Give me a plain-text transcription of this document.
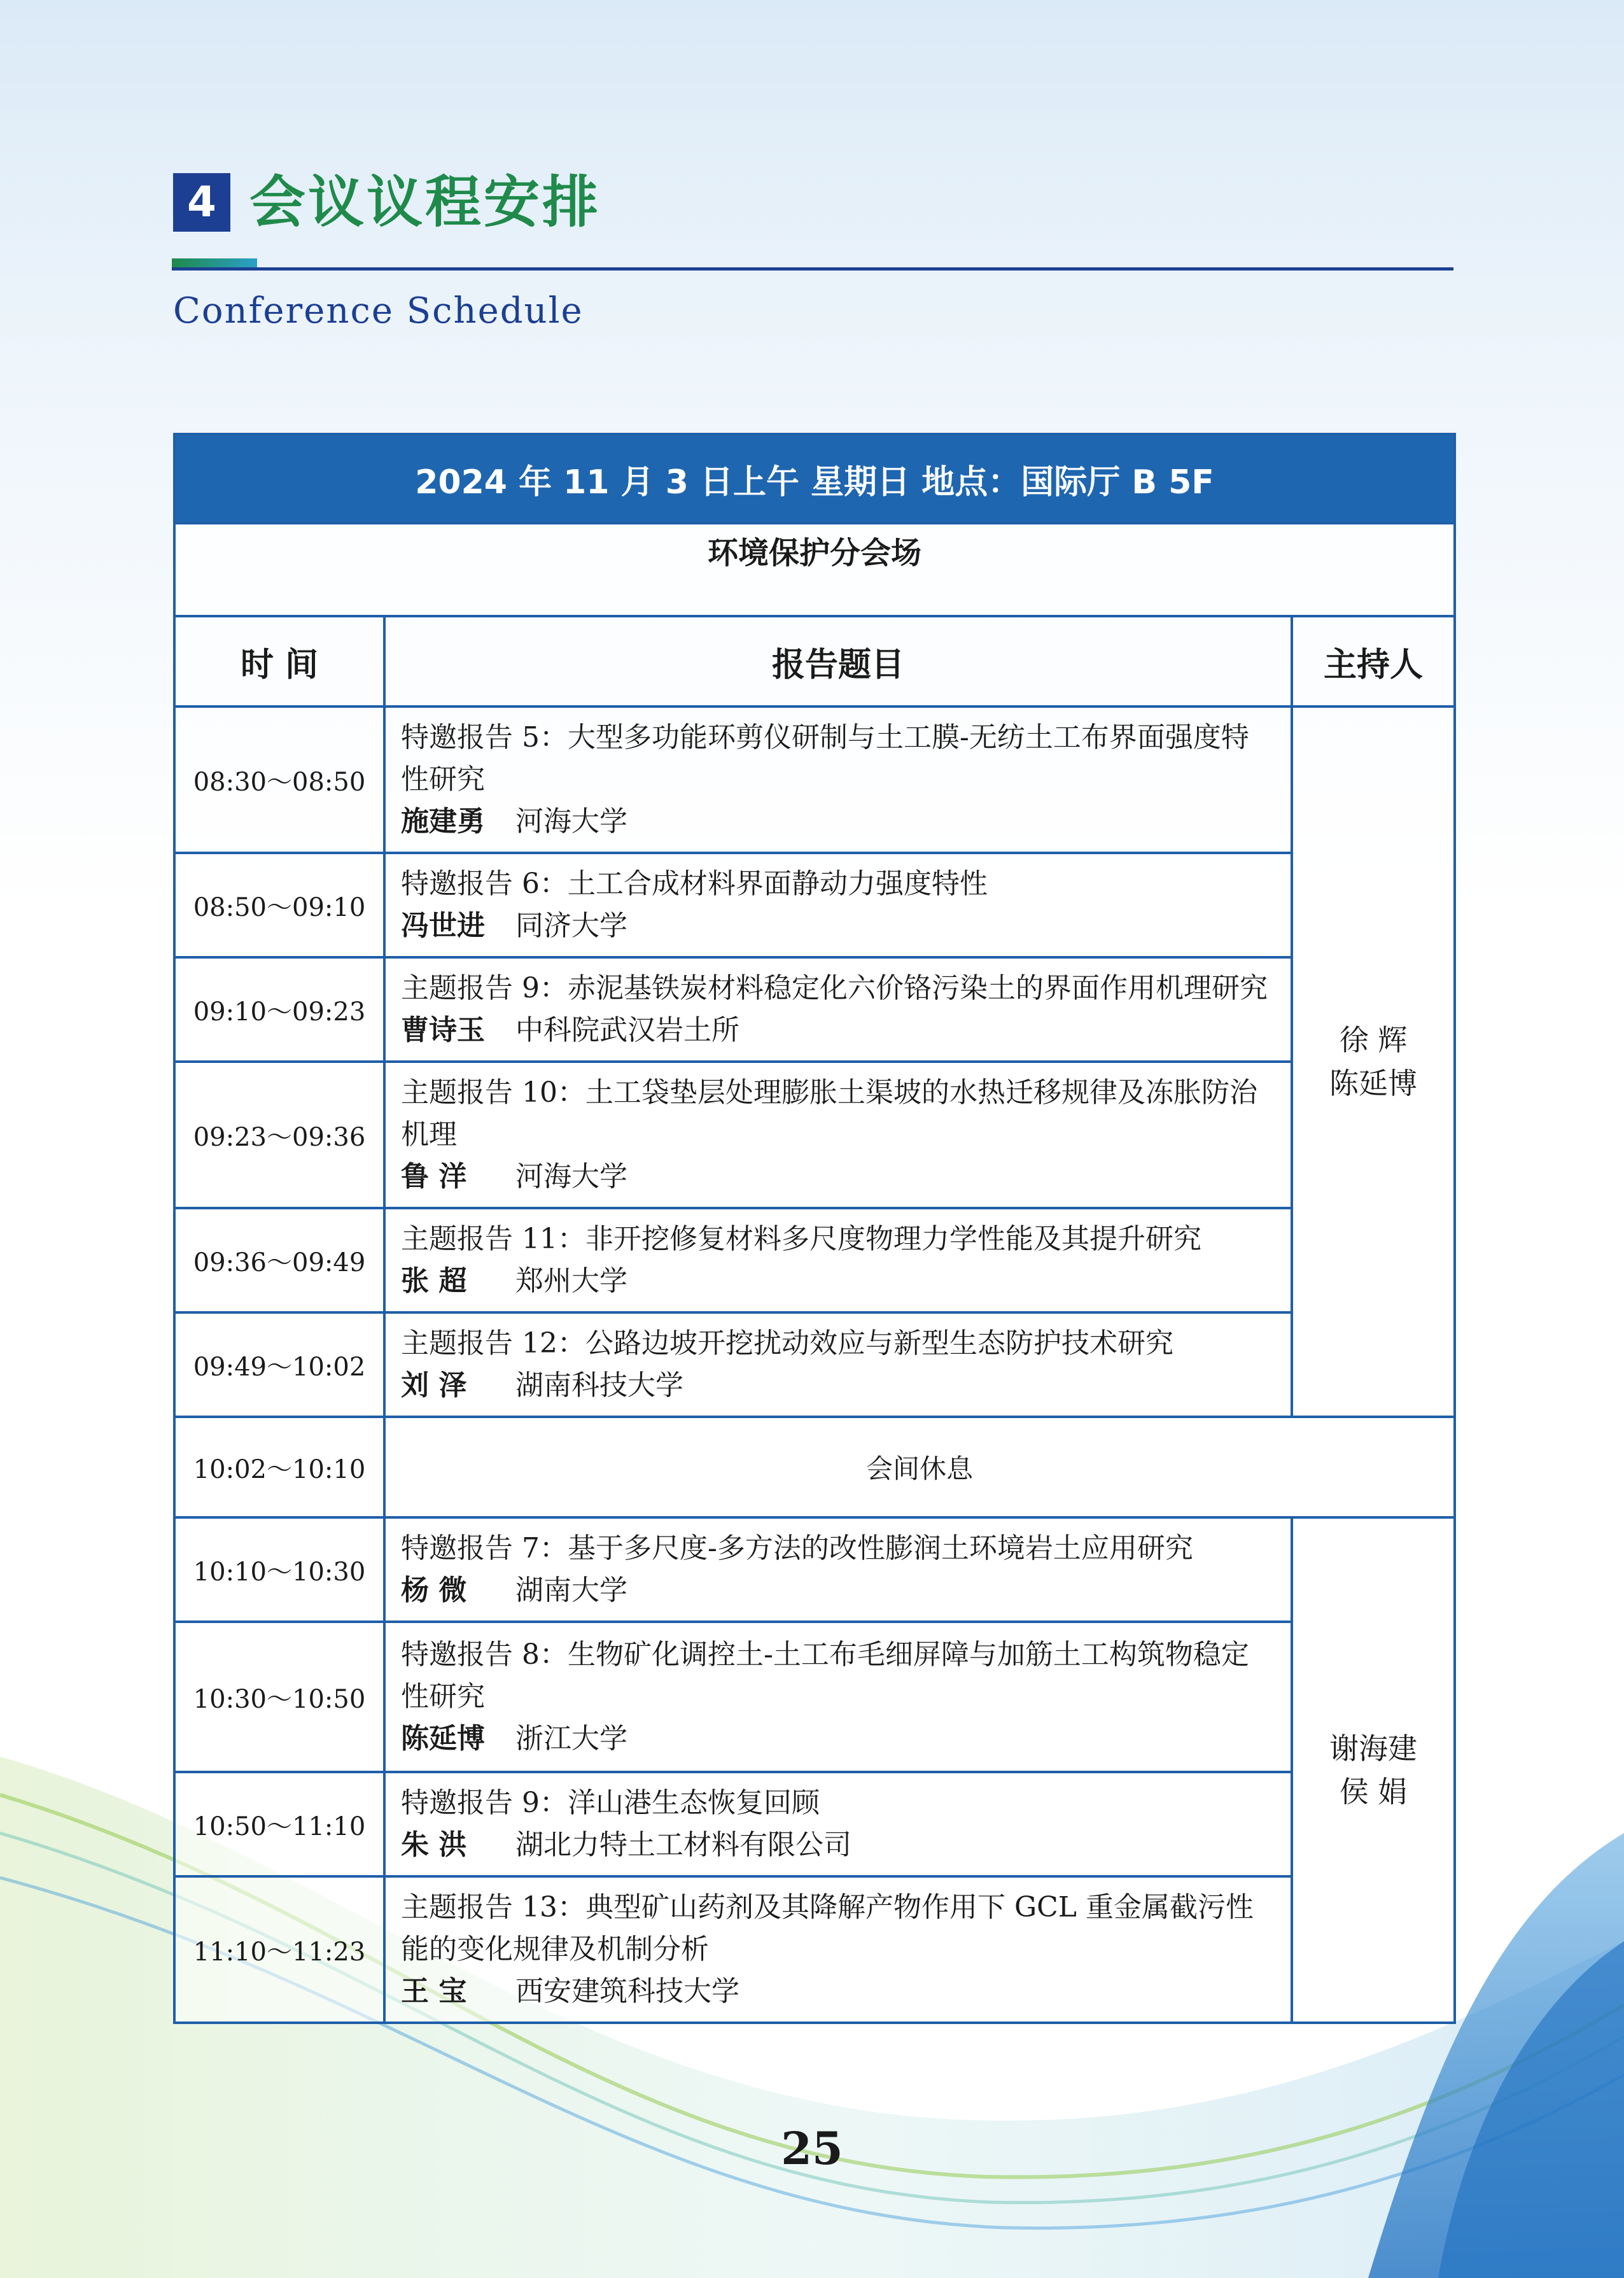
4 会议议程安排
Conference Schedule
2024 年 11 月 3 日上午 星期日 地点：国际厅 B 5F		
环境保护分会场		
时 间	报告题目	主持人
08:30～08:50	特邀报告 5：大型多功能环剪仪研制与土工膜-无纺土工布界面强度特性研究
施建勇 河海大学	徐 辉
陈延博

08:50～09:10	特邀报告 6：土工合成材料界面静动力强度特性
冯世进 同济大学	

09:10～09:23	主题报告 9：赤泥基铁炭材料稳定化六价铬污染土的界面作用机理研究
曹诗玉 中科院武汉岩土所	

09:23～09:36	主题报告 10：土工袋垫层处理膨胀土渠坡的水热迁移规律及冻胀防治机理
鲁 洋 河海大学	

09:36～09:49	主题报告 11：非开挖修复材料多尺度物理力学性能及其提升研究
张 超 郑州大学	

09:49～10:02	主题报告 12：公路边坡开挖扰动效应与新型生态防护技术研究
刘 泽 湖南科技大学	

10:02～10:10	会间休息	
10:10～10:30	特邀报告 7：基于多尺度-多方法的改性膨润土环境岩土应用研究
杨 微 湖南大学	谢海建
侯 娟

10:30～10:50	特邀报告 8：生物矿化调控土-土工布毛细屏障与加筋土工构筑物稳定性研究
陈延博 浙江大学	

10:50～11:10	特邀报告 9：洋山港生态恢复回顾
朱 洪 湖北力特土工材料有限公司	

11:10～11:23	主题报告 13：典型矿山药剂及其降解产物作用下 GCL 重金属截污性能的变化规律及机制分析
王 宝 西安建筑科技大学	
25
